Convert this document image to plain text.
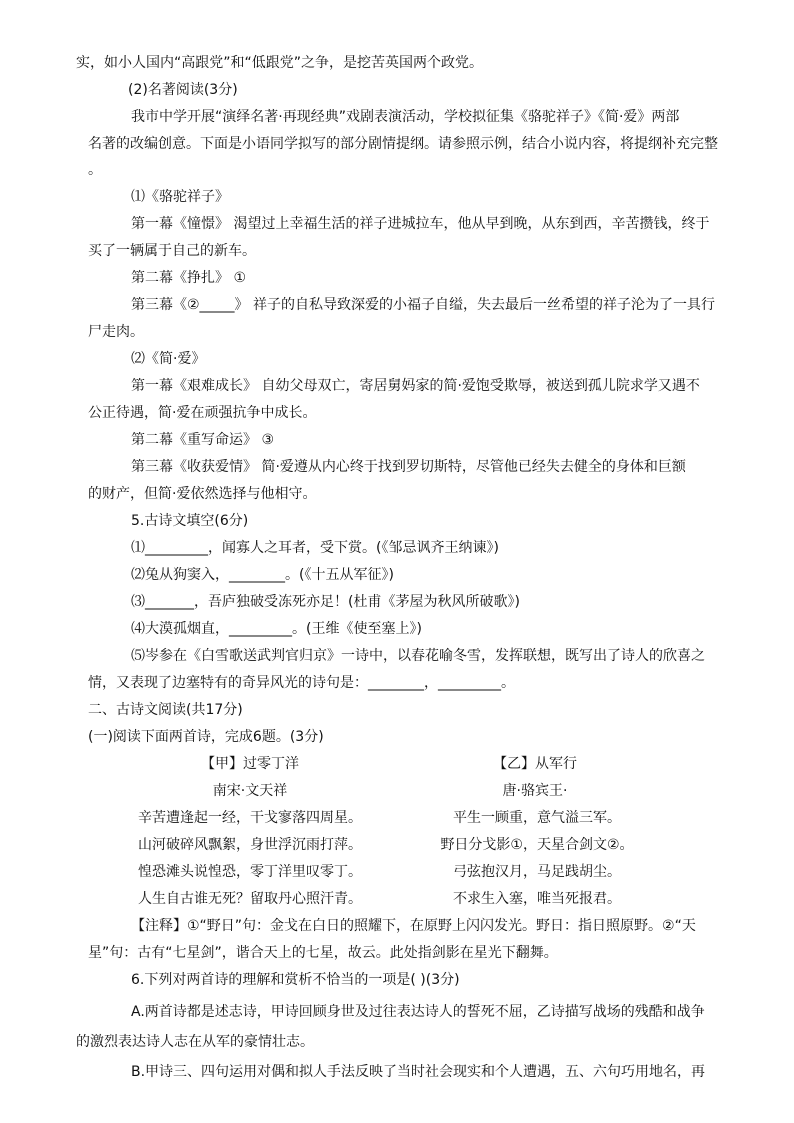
实，如小人国内“高跟党”和“低跟党”之争，是挖苦英国两个政党。
(2)名著阅读(3分)
我市中学开展“演绎名著·再现经典”戏剧表演活动，学校拟征集《骆驼祥子》《简·爱》两部
名著的改编创意。下面是小语同学拟写的部分剧情提纲。请参照示例，结合小说内容，将提纲补充完整
。
⑴《骆驼祥子》
第一幕《憧憬》 渴望过上幸福生活的祥子进城拉车，他从早到晚，从东到西，辛苦攒钱，终于
买了一辆属于自己的新车。
第二幕《挣扎》 ①
第三幕《②_____》 祥子的自私导致深爱的小福子自缢，失去最后一丝希望的祥子沦为了一具行
尸走肉。
⑵《简·爱》
第一幕《艰难成长》 自幼父母双亡，寄居舅妈家的简·爱饱受欺辱，被送到孤儿院求学又遇不
公正待遇，简·爱在顽强抗争中成长。
第二幕《重写命运》 ③
第三幕《收获爱情》 简·爱遵从内心终于找到罗切斯特，尽管他已经失去健全的身体和巨额
的财产，但简·爱依然选择与他相守。
5.古诗文填空(6分)
⑴_________，闻寡人之耳者，受下赏。(《邹忌讽齐王纳谏》)
⑵兔从狗窦入，________。(《十五从军征》)
⑶_______，吾庐独破受冻死亦足！(杜甫《茅屋为秋风所破歌》)
⑷大漠孤烟直，_________。(王维《使至塞上》)
⑸岑参在《白雪歌送武判官归京》一诗中，以春花喻冬雪，发挥联想，既写出了诗人的欣喜之
情，又表现了边塞特有的奇异风光的诗句是：________，_________。
二、古诗文阅读(共17分)
(一)阅读下面两首诗，完成6题。(3分)
【甲】过零丁洋
南宋·文天祥
辛苦遭逢起一经，干戈寥落四周星。
山河破碎风飘絮，身世浮沉雨打萍。
惶恐滩头说惶恐，零丁洋里叹零丁。
人生自古谁无死？留取丹心照汗青。
【乙】从军行
唐·骆宾王·
平生一顾重，意气溢三军。
野日分戈影①，天星合剑文②。
弓弦抱汉月，马足践胡尘。
不求生入塞，唯当死报君。
【注释】①“野日”句：金戈在白日的照耀下，在原野上闪闪发光。野日：指日照原野。②“天
星”句：古有“七星剑”，谐合天上的七星，故云。此处指剑影在星光下翻舞。
6.下列对两首诗的理解和赏析不恰当的一项是( )(3分)
A.两首诗都是述志诗，甲诗回顾身世及过往表达诗人的誓死不屈，乙诗描写战场的残酷和战争
的激烈表达诗人志在从军的豪情壮志。
B.甲诗三、四句运用对偶和拟人手法反映了当时社会现实和个人遭遇，五、六句巧用地名，再
